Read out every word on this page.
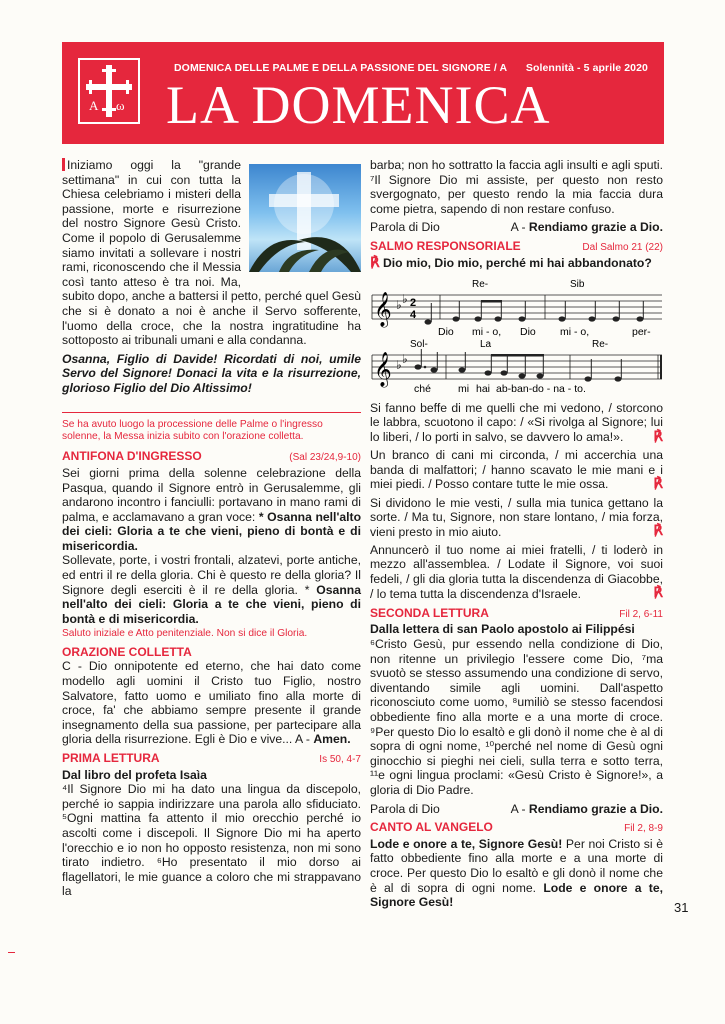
A ω
DOMENICA DELLE PALME E DELLA PASSIONE DEL SIGNORE / A Solennità - 5 aprile 2020
LA DOMENICA
Iniziamo oggi la "grande settimana" in cui con tutta la Chiesa celebriamo i misteri della passione, morte e risurrezione del nostro Signore Gesù Cristo. Come il popolo di Gerusalemme siamo invitati a sollevare i nostri rami, riconoscendo che il Messia così tanto atteso è tra noi. Ma, subito dopo, anche a battersi il petto, perché quel Gesù che si è donato a noi è anche il Servo sofferente, l'uomo della croce, che la nostra ingratitudine ha sottoposto ai tribunali umani e alla condanna.

Osanna, Figlio di Davide! Ricordati di noi, umile Servo del Signore! Donaci la vita e la risurrezione, glorioso Figlio del Dio Altissimo!

Se ha avuto luogo la processione delle Palme o l'ingresso solenne, la Messa inizia subito con l'orazione colletta.

ANTIFONA D'INGRESSO	(Sal 23/24,9-10)

Sei giorni prima della solenne celebrazione della Pasqua, quando il Signore entrò in Gerusalemme, gli andarono incontro i fanciulli: portavano in mano rami di palma, e acclamavano a gran voce: * Osanna nell'alto dei cieli: Gloria a te che vieni, pieno di bontà e di misericordia.

Sollevate, porte, i vostri frontali, alzatevi, porte antiche, ed entri il re della gloria. Chi è questo re della gloria? Il Signore degli eserciti è il re della gloria. * Osanna nell'alto dei cieli: Gloria a te che vieni, pieno di bontà e di misericordia.

Saluto iniziale e Atto penitenziale. Non si dice il Gloria.

ORAZIONE COLLETTA

C - Dio onnipotente ed eterno, che hai dato come modello agli uomini il Cristo tuo Figlio, nostro Salvatore, fatto uomo e umiliato fino alla morte di croce, fa' che abbiamo sempre presente il grande insegnamento della sua passione, per partecipare alla gloria della risurrezione. Egli è Dio e vive... A - Amen.

PRIMA LETTURA	Is 50, 4-7

Dal libro del profeta Isaìa

⁴Il Signore Dio mi ha dato una lingua da discepolo, perché io sappia indirizzare una parola allo sfiduciato. ⁵Ogni mattina fa attento il mio orecchio perché io ascolti come i discepoli. Il Signore Dio mi ha aperto l'orecchio e io non ho opposto resistenza, non mi sono tirato indietro. ⁶Ho presentato il mio dorso ai flagellatori, le mie guance a coloro che mi strappavano la

barba; non ho sottratto la faccia agli insulti e agli sputi. ⁷Il Signore Dio mi assiste, per questo non resto svergognato, per questo rendo la mia faccia dura come pietra, sapendo di non restare confuso.

Parola di Dio	A - Rendiamo grazie a Dio.
SALMO RESPONSORIALE	Dal Salmo 21 (22)

℟ Dio mio, Dio mio, perché mi hai abbandonato?

𝄞 ♭ ♭ 2
4
Re-	Sib
Dio mi - o, Dio mi - o,	per-
𝄞 ♭ ♭
Sol-	La	Re-
ché	mi hai ab-ban-do - na - to.

Si fanno beffe di me quelli che mi vedono, / storcono le labbra, scuotono il capo: / «Si rivolga al Signore; lui lo liberi, / lo porti in salvo, se davvero lo ama!».	℟

Un branco di cani mi circonda, / mi accerchia una banda di malfattori; / hanno scavato le mie mani e i miei piedi. / Posso contare tutte le mie ossa.	℟

Si dividono le mie vesti, / sulla mia tunica gettano la sorte. / Ma tu, Signore, non stare lontano, / mia forza, vieni presto in mio aiuto.	℟

Annuncerò il tuo nome ai miei fratelli, / ti loderò in mezzo all'assemblea. / Lodate il Signore, voi suoi fedeli, / gli dia gloria tutta la discendenza di Giacobbe, / lo tema tutta la discendenza d'Israele.	℟

SECONDA LETTURA	Fil 2, 6-11

Dalla lettera di san Paolo apostolo ai Filippési

⁶Cristo Gesù, pur essendo nella condizione di Dio, non ritenne un privilegio l'essere come Dio, ⁷ma svuotò se stesso assumendo una condizione di servo, diventando simile agli uomini. Dall'aspetto riconosciuto come uomo, ⁸umiliò se stesso facendosi obbediente fino alla morte e a una morte di croce. ⁹Per questo Dio lo esaltò e gli donò il nome che è al di sopra di ogni nome, ¹⁰perché nel nome di Gesù ogni ginocchio si pieghi nei cieli, sulla terra e sotto terra, ¹¹e ogni lingua proclami: «Gesù Cristo è Signore!», a gloria di Dio Padre.

Parola di Dio	A - Rendiamo grazie a Dio.
CANTO AL VANGELO	Fil 2, 8-9

Lode e onore a te, Signore Gesù! Per noi Cristo si è fatto obbediente fino alla morte e a una morte di croce. Per questo Dio lo esaltò e gli donò il nome che è al di sopra di ogni nome. Lode e onore a te, Signore Gesù!	31
